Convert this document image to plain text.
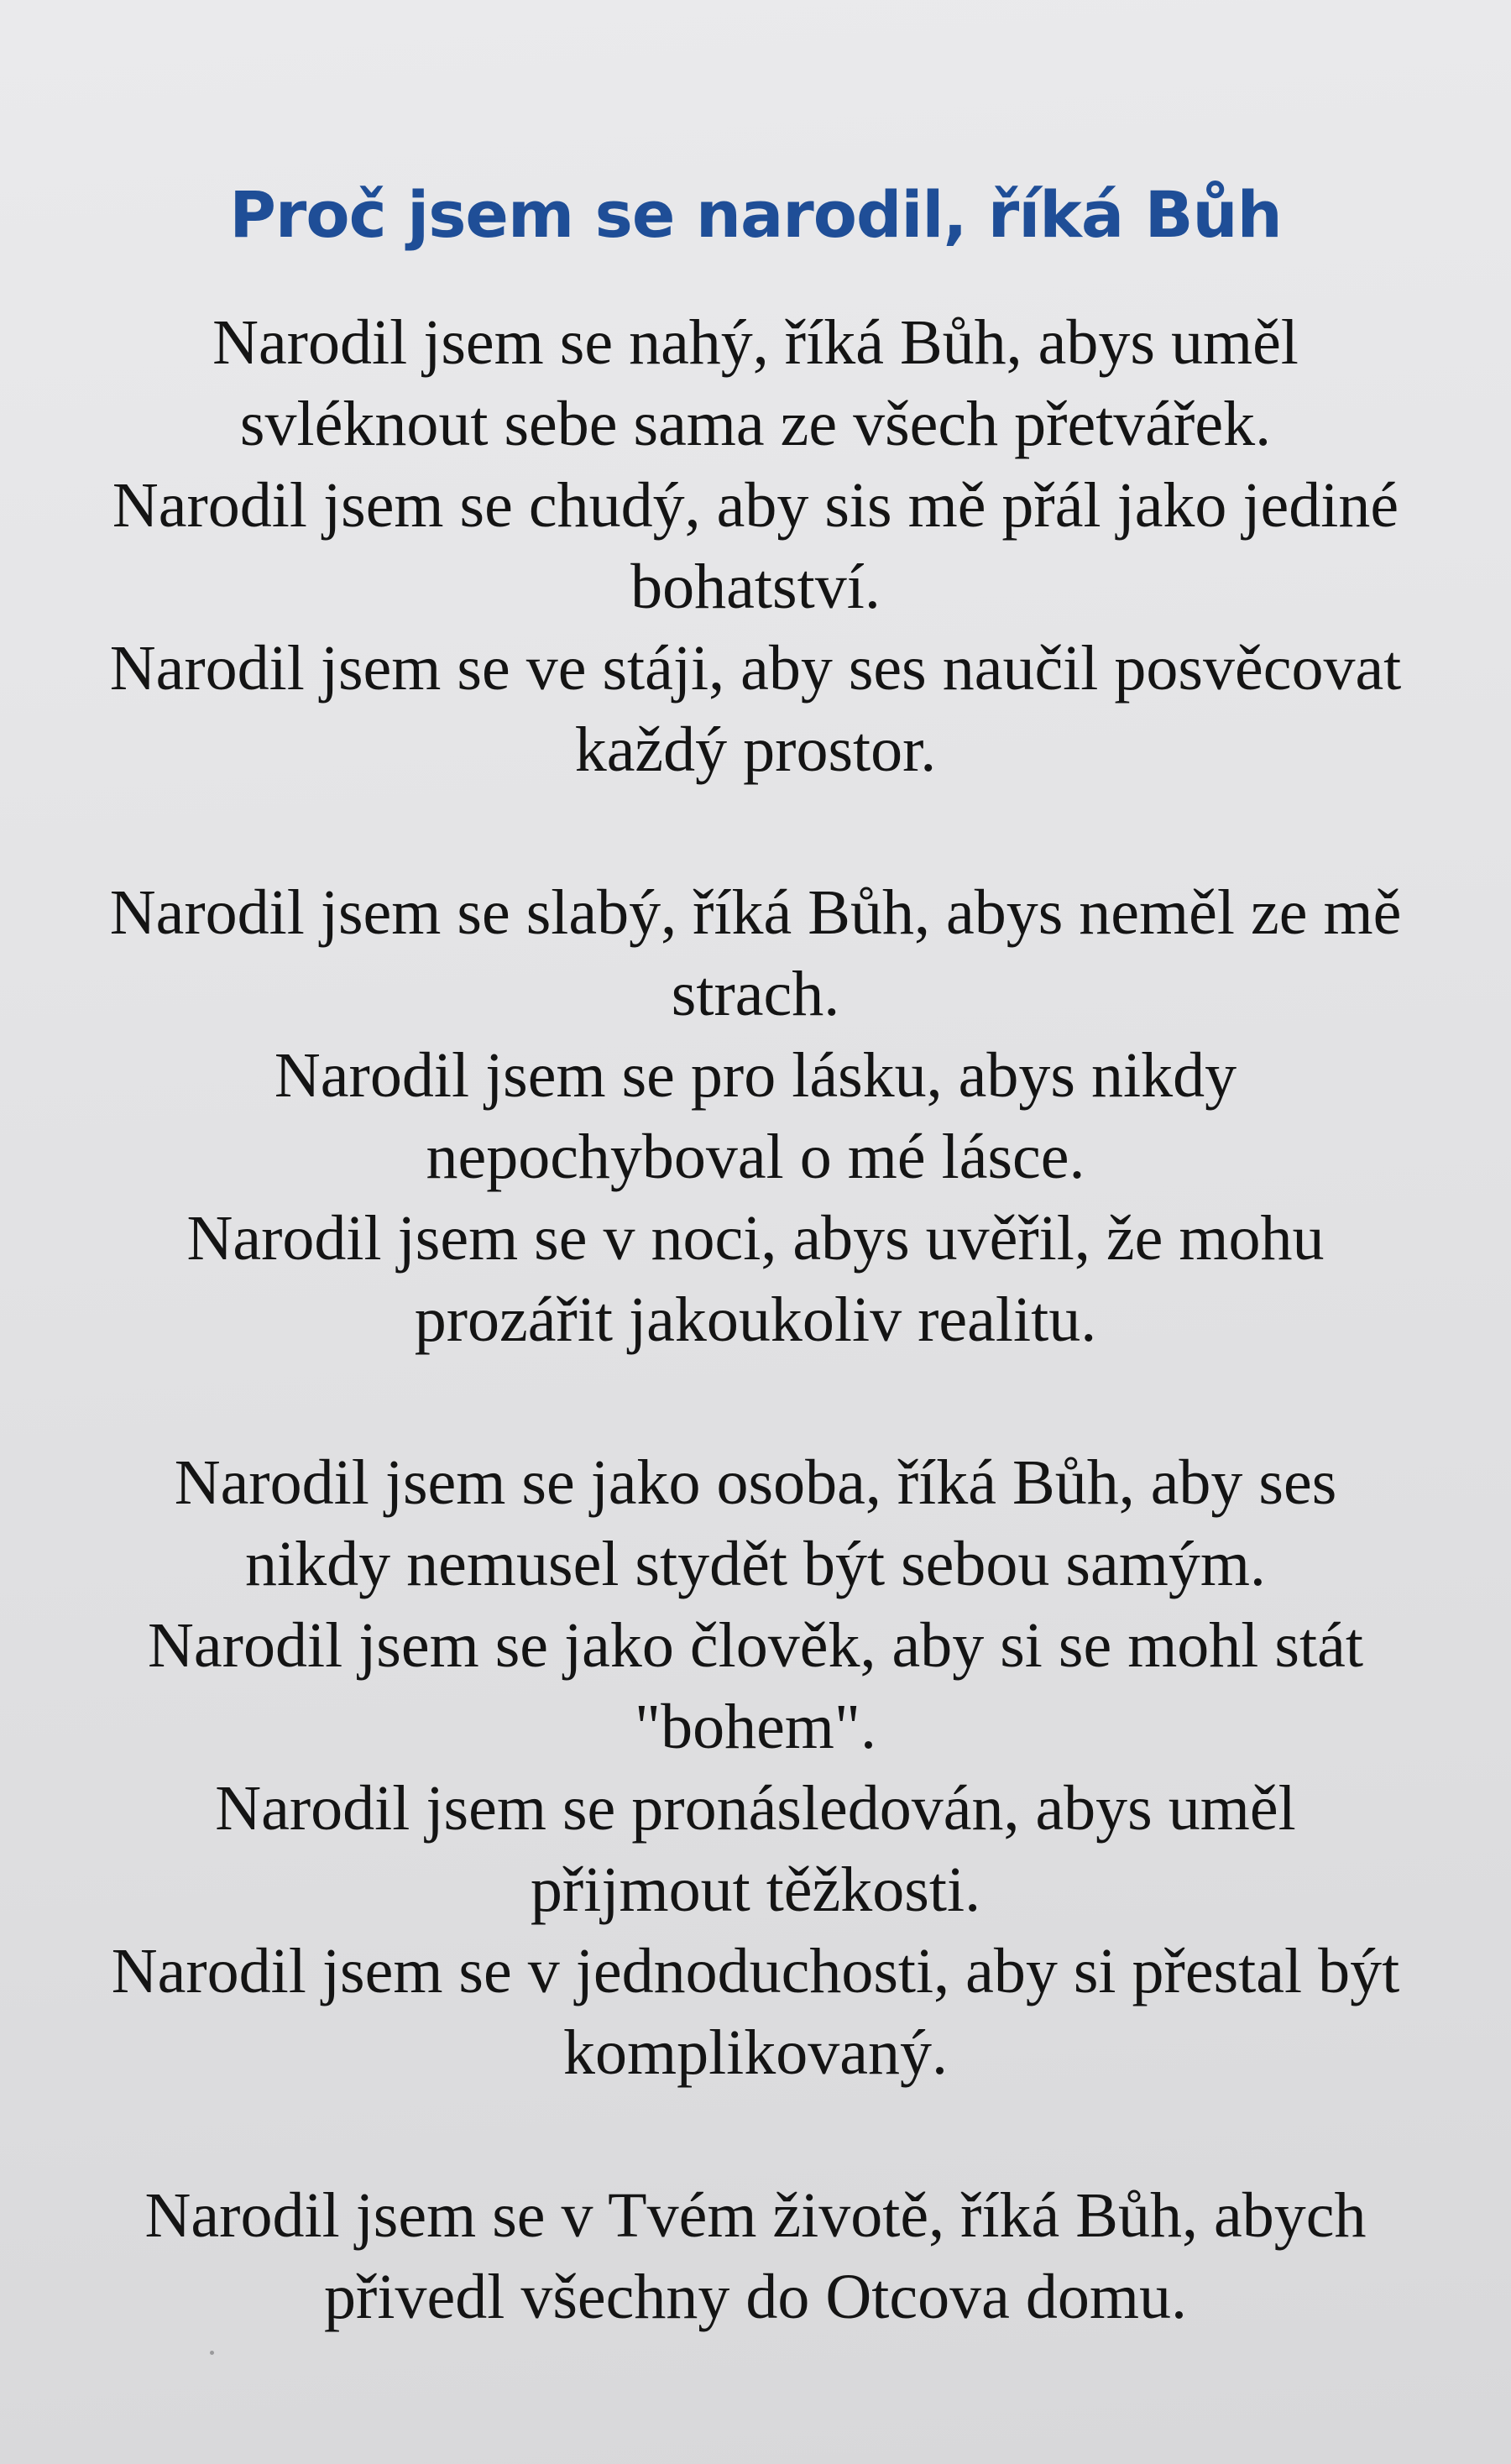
Proč jsem se narodil, říká Bůh
Narodil jsem se nahý, říká Bůh, abys uměl
svléknout sebe sama ze všech přetvářek.
Narodil jsem se chudý, aby sis mě přál jako jediné
bohatství.
Narodil jsem se ve stáji, aby ses naučil posvěcovat
každý prostor.
Narodil jsem se slabý, říká Bůh, abys neměl ze mě
strach.
Narodil jsem se pro lásku, abys nikdy
nepochyboval o mé lásce.
Narodil jsem se v noci, abys uvěřil, že mohu
prozářit jakoukoliv realitu.
Narodil jsem se jako osoba, říká Bůh, aby ses
nikdy nemusel stydět být sebou samým.
Narodil jsem se jako člověk, aby si se mohl stát
"bohem".
Narodil jsem se pronásledován, abys uměl
přijmout těžkosti.
Narodil jsem se v jednoduchosti, aby si přestal být
komplikovaný.
Narodil jsem se v Tvém životě, říká Bůh, abych
přivedl všechny do Otcova domu.
